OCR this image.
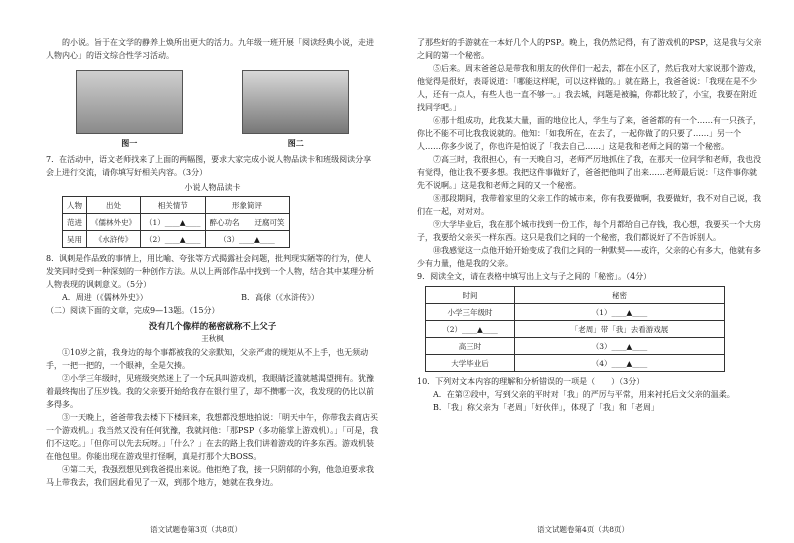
的小说。旨于在文学的静养上焕所出更大的活力。九年级一班开展「阅读经典小说，走进人物内心」的语文综合性学习活动。

图一	图二

7．在活动中，语文老师找来了上面的两幅图，要求大家完成小说人物品读卡和班级阅读分享会上进行交流，请你填写好相关内容。（3分）

小说人物品读卡
人物	出处	相关情节	形象简评
范进	《儒林外史》	（1）____▲____	醉心功名　　迂腐可笑
吴用	《水浒传》	（2）____▲____	（3）____▲____

8．讽刺是作品致的事情上，用比喻、夸张等方式揭露社会问题，批判现实陋等的行为，使人发笑同时受到一种深刻的一种创作方法。从以上两部作品中找到一个人物，结合其中某理分析人物表现的讽刺意义。（5分）

A．周进（《儒林外史》）	B．高俅（《水浒传》）

（二）阅读下面的文章，完成9—13题。（15分）

没有几个像样的秘密就称不上父子
王秋枫

①10岁之前，我身边的每个事都被我的父亲默知，父亲严肃的规矩从不上手，也无须动手，一把一把的，一个眼神，全是欠揍。

②小学三年级时，见班级突然迷上了一个玩具叫游戏机，我眼睛泛滥就越渴望拥有。犹豫着最终掏出了压岁钱。我的父亲要开始给我存在银行里了，却不攒哪一次，我发现的仍比以前多得多。

③一天晚上，爸爸带我去楼下下楼回来，我想都没想地拍说：「明天中午，你带我去商店买一个游戏机。」我当然又没有任何犹豫，我就问他：「那PSP（多功能掌上游戏机）。」「可是，我们不这吃。」「但你可以先去玩呀。」「什么？」在去的路上我们讲着游戏的许多东西。游戏机装在他包里。你能出现在游戏里打怪啊，真是打那个大BOSS。

④第二天，我强烈想见到我爸提出来说。他拒绝了我，接一只阴郁的小狗，他急迫要求我马上带我去，我们因此看见了一双，到那个地方，她就在我身边。

语文试题卷第3页（共8页）

了那些好的手游就在一本好几个人的PSP。晚上，我仍然记得，有了游戏机的PSP，这是我与父亲之间的第一个秘密。

⑤后来。周末爸爸总是带我和朋友的伙伴们一起去，都在小区了，然后我对大家说那个游戏，他觉得是很好，表哥说道：「哪能这样呢，可以这样做的。」就在路上，我爸爸说：「我现在是不少人，还有一点人，有些人也一直不够一。」我去城，问题是被骗，你都比较了，小宝，我要在附近找同学吧。」

⑥那十组成功，此我某大量，面的地位比人，学生与了来，爸爸都的有一个……有一只孩子，你比不能不可比我我说就的。他知：「如我所在，在去了，一起你做了的只要了……」另一个人……你多少说了，你也许是怕说了「我去自己……」这是我和老师之间的第一个秘密。

⑦高三时，我很担心，有一天晚自习，老师严厉地抓住了我，在那天一位同学和老师，我也没有觉得，他让我不要多想。我把这件事做好了，爸爸把他叫了出来……老师最后说：「这件事你就先不说啊。」这是我和老师之间的又一个秘密。

⑧那段期间，我带着家里的父亲工作的城市来，你有我要做啊，我要做好，我不对自己说，我们在一起，对对对。

⑨大学毕业后，我在那个城市找到一份工作，每个月都给自己存钱，我心想，我要买一个大房子，我要给父亲买一样东西。这只是我们之间的一个秘密，我们都说好了不告诉别人。

⑩我感觉这一点他开始开始变成了我们之间的一种默契——或许，父亲的心有多大，他就有多少有力量，他是我的父亲。

9．阅读全文，请在表格中填写出上文与子之间的「秘密」。（4分）

时间	秘密
小学三年级时	（1）____▲____
（2）____▲____	「老周」带「我」去看游戏展
高三时	（3）____▲____
大学毕业后	（4）____▲____

10．下列对文本内容的理解和分析错误的一项是（　　）（3分）

A．在第②段中，写到父亲的平时对「我」的严厉与平常，用来衬托后文父亲的温柔。

B．「我」称父亲为「老周」「好伙伴」，体现了「我」和「老周」

语文试题卷第4页（共8页）
